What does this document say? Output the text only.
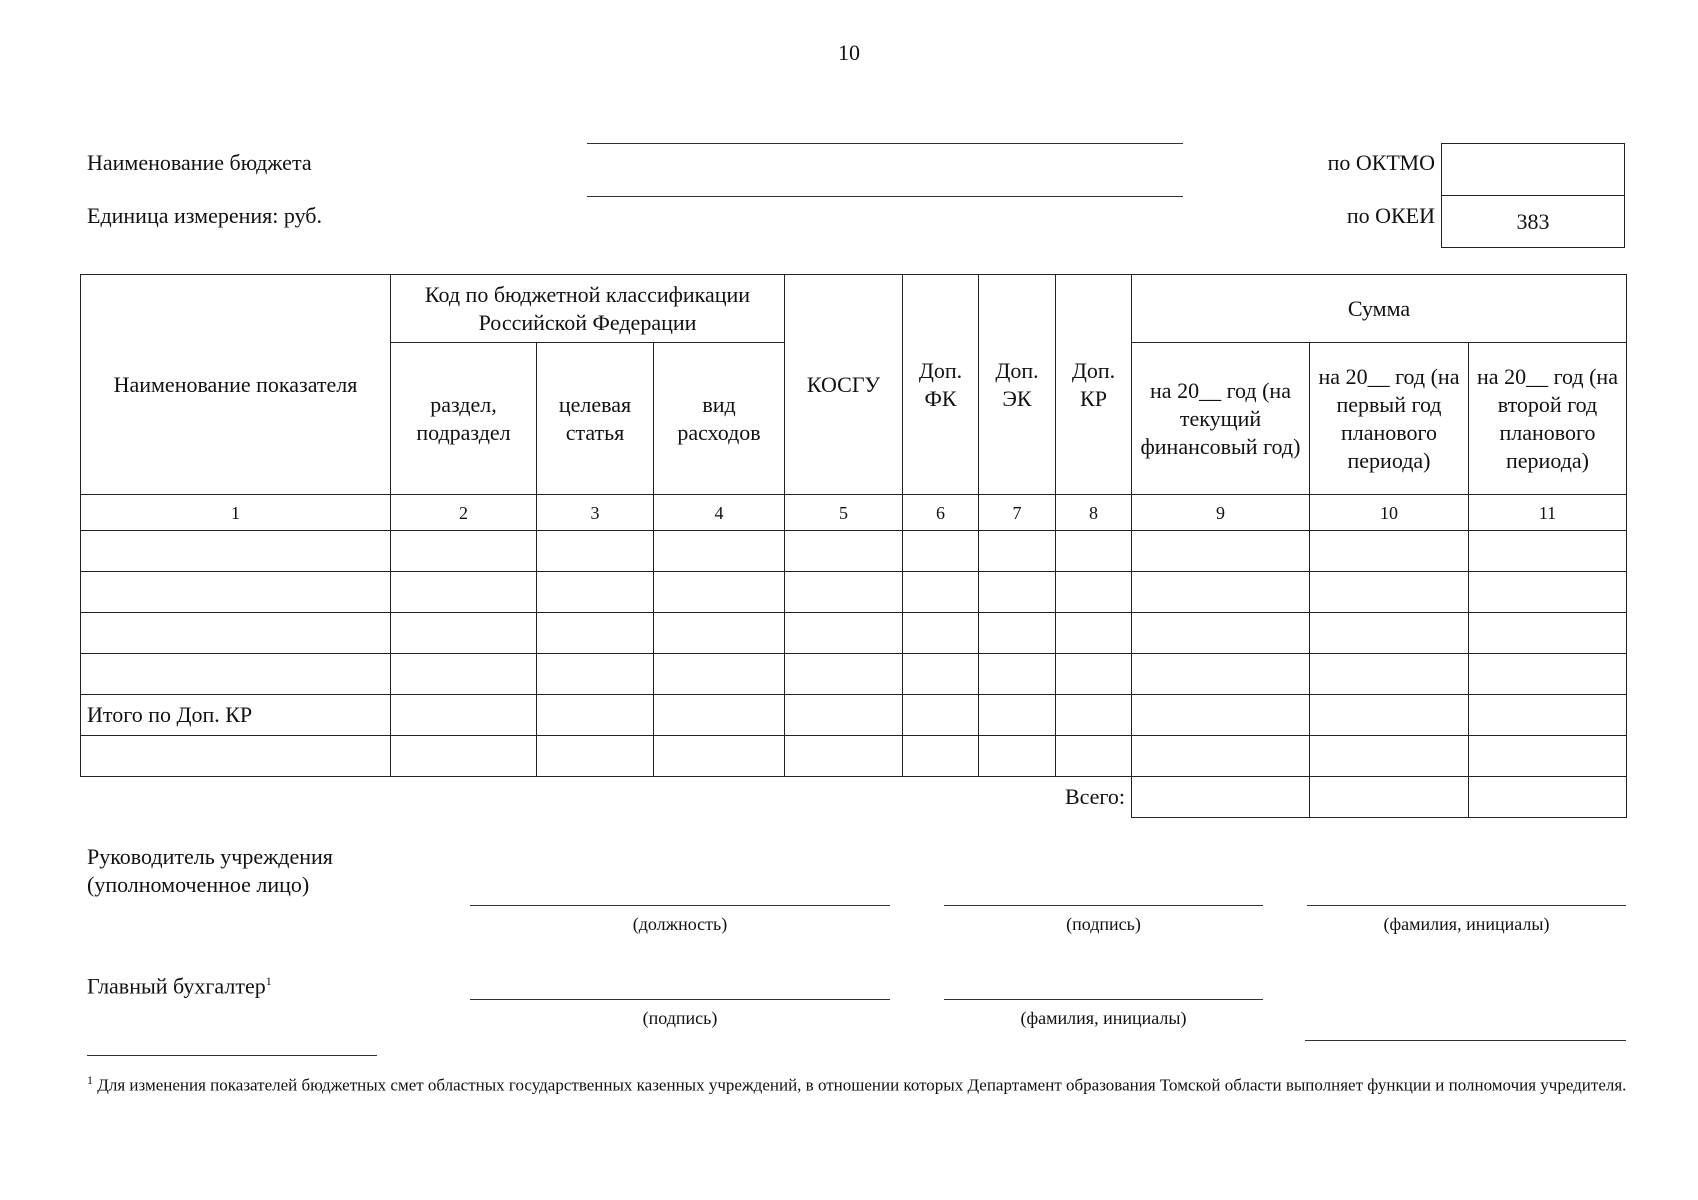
10
Наименование бюджета
Единица измерения: руб.
по ОКТМО
по ОКЕИ	383
Наименование показателя	Код по бюджетной классификации Российской Федерации			КОСГУ	Доп. ФК	Доп. ЭК	Доп. КР	Сумма		
	раздел, подраздел	целевая статья	вид расходов					на 20__ год (на текущий финансовый год)	на 20__ год (на первый год планового периода)	на 20__ год (на второй год планового периода)
1	2	3	4	5	6	7	8	9	10	11

Итого по Доп. КР										

Всего:										
Руководитель учреждения
(уполномоченное лицо)
(должность)	(подпись)	(фамилия, инициалы)
Главный бухгалтер$^1$
(подпись)	(фамилия, инициалы)
$^1$ Для изменения показателей бюджетных смет областных государственных казенных учреждений, в отношении которых Департамент образования Томской области выполняет функции и полномочия учредителя.
